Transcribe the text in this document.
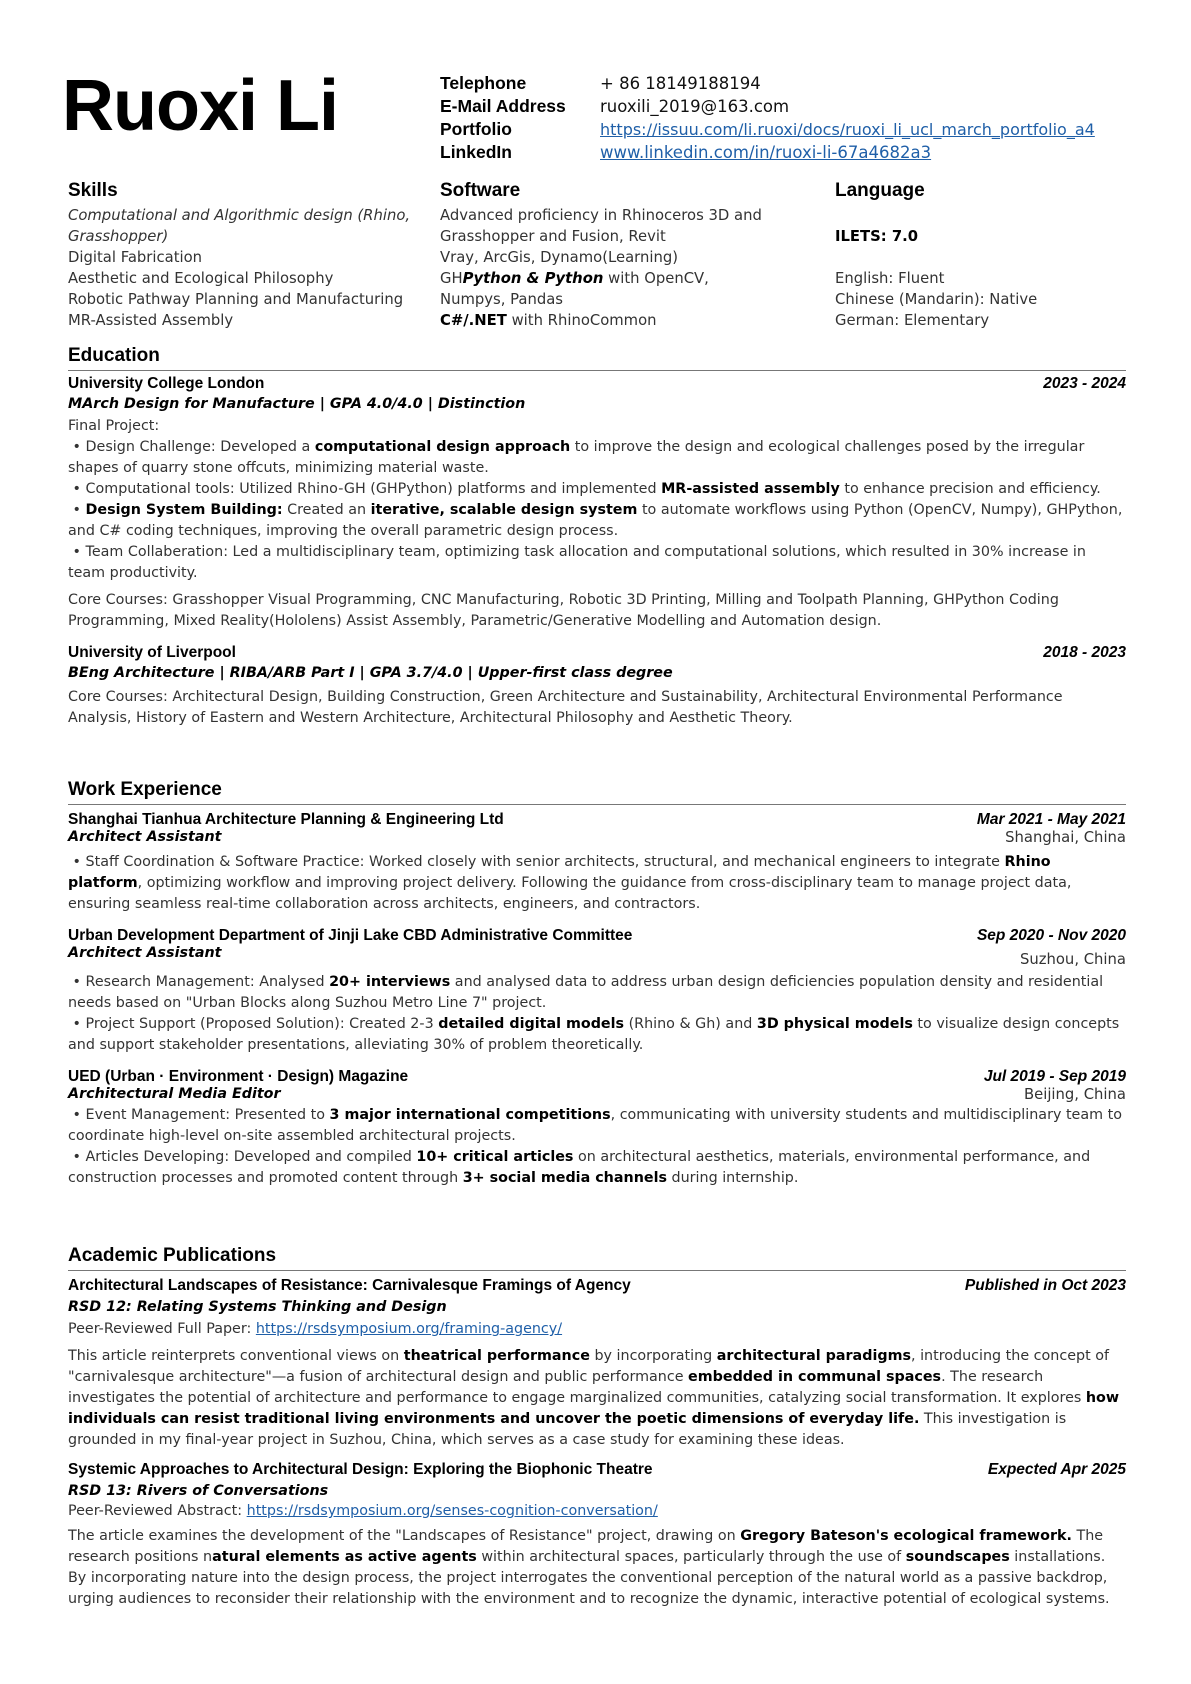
Ruoxi Li	Telephone	+ 86 18149188194
E-Mail Address	ruoxili_2019@163.com
Portfolio	https://issuu.com/li.ruoxi/docs/ruoxi_li_ucl_march_portfolio_a4
LinkedIn	www.linkedin.com/in/ruoxi-li-67a4682a3
Skills
Computational and Algorithmic design (Rhino, Grasshopper)
Digital Fabrication
Aesthetic and Ecological Philosophy
Robotic Pathway Planning and Manufacturing
MR-Assisted Assembly
Software
Advanced proficiency in Rhinoceros 3D and Grasshopper and Fusion, Revit
Vray, ArcGis, Dynamo(Learning)
GHPython & Python with OpenCV, Numpys, Pandas
C#/.NET with RhinoCommon
Language
ILETS: 7.0
English: Fluent
Chinese (Mandarin): Native
German: Elementary
Education
University College London	2023 - 2024
MArch Design for Manufacture | GPA 4.0/4.0 | Distinction
Final Project:
• Design Challenge: Developed a computational design approach to improve the design and ecological challenges posed by the irregular shapes of quarry stone offcuts, minimizing material waste.
• Computational tools: Utilized Rhino-GH (GHPython) platforms and implemented MR-assisted assembly to enhance precision and efficiency.
• Design System Building: Created an iterative, scalable design system to automate workflows using Python (OpenCV, Numpy), GHPython, and C# coding techniques, improving the overall parametric design process.
• Team Collaberation: Led a multidisciplinary team, optimizing task allocation and computational solutions, which resulted in 30% increase in team productivity.
Core Courses: Grasshopper Visual Programming, CNC Manufacturing, Robotic 3D Printing, Milling and Toolpath Planning, GHPython Coding Programming, Mixed Reality(Hololens) Assist Assembly, Parametric/Generative Modelling and Automation design.
University of Liverpool	2018 - 2023
BEng Architecture | RIBA/ARB Part I | GPA 3.7/4.0 | Upper-first class degree
Core Courses: Architectural Design, Building Construction, Green Architecture and Sustainability, Architectural Environmental Performance Analysis, History of Eastern and Western Architecture, Architectural Philosophy and Aesthetic Theory.
Work Experience
Shanghai Tianhua Architecture Planning & Engineering Ltd	Mar 2021 - May 2021
Architect Assistant	Shanghai, China
• Staff Coordination & Software Practice: Worked closely with senior architects, structural, and mechanical engineers to integrate Rhino platform, optimizing workflow and improving project delivery. Following the guidance from cross-disciplinary team to manage project data, ensuring seamless real-time collaboration across architects, engineers, and contractors.
Urban Development Department of Jinji Lake CBD Administrative Committee	Sep 2020 - Nov 2020
Architect Assistant	Suzhou, China
• Research Management: Analysed 20+ interviews and analysed data to address urban design deficiencies population density and residential needs based on "Urban Blocks along Suzhou Metro Line 7" project.
• Project Support (Proposed Solution): Created 2-3 detailed digital models (Rhino & Gh) and 3D physical models to visualize design concepts and support stakeholder presentations, alleviating 30% of problem theoretically.
UED (Urban · Environment · Design) Magazine	Jul 2019 - Sep 2019
Architectural Media Editor	Beijing, China
• Event Management: Presented to 3 major international competitions, communicating with university students and multidisciplinary team to coordinate high-level on-site assembled architectural projects.
• Articles Developing: Developed and compiled 10+ critical articles on architectural aesthetics, materials, environmental performance, and construction processes and promoted content through 3+ social media channels during internship.
Academic Publications
Architectural Landscapes of Resistance: Carnivalesque Framings of Agency	Published in Oct 2023
RSD 12: Relating Systems Thinking and Design
Peer-Reviewed Full Paper: https://rsdsymposium.org/framing-agency/
This article reinterprets conventional views on theatrical performance by incorporating architectural paradigms, introducing the concept of "carnivalesque architecture"—a fusion of architectural design and public performance embedded in communal spaces. The research investigates the potential of architecture and performance to engage marginalized communities, catalyzing social transformation. It explores how individuals can resist traditional living environments and uncover the poetic dimensions of everyday life. This investigation is grounded in my final-year project in Suzhou, China, which serves as a case study for examining these ideas.
Systemic Approaches to Architectural Design: Exploring the Biophonic Theatre	Expected Apr 2025
RSD 13: Rivers of Conversations
Peer-Reviewed Abstract: https://rsdsymposium.org/senses-cognition-conversation/
The article examines the development of the "Landscapes of Resistance" project, drawing on Gregory Bateson's ecological framework. The research positions natural elements as active agents within architectural spaces, particularly through the use of soundscapes installations. By incorporating nature into the design process, the project interrogates the conventional perception of the natural world as a passive backdrop, urging audiences to reconsider their relationship with the environment and to recognize the dynamic, interactive potential of ecological systems.
